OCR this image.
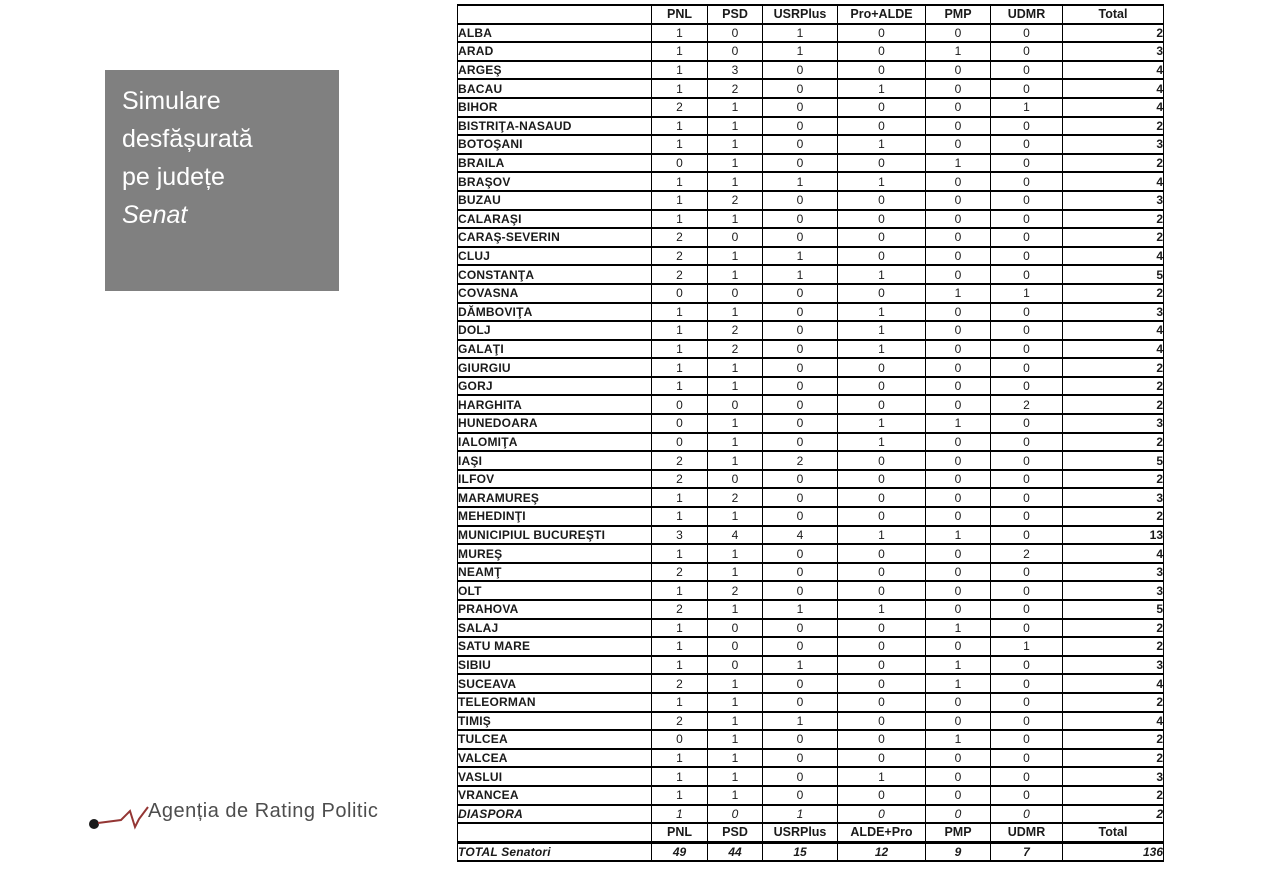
Simulare
desfășurată
pe județe
Senat
Agenția de Rating Politic
	PNL	PSD	USRPlus	Pro+ALDE	PMP	UDMR	Total
ALBA	1	0	1	0	0	0	2
ARAD	1	0	1	0	1	0	3
ARGEŞ	1	3	0	0	0	0	4
BACAU	1	2	0	1	0	0	4
BIHOR	2	1	0	0	0	1	4
BISTRIŢA-NASAUD	1	1	0	0	0	0	2
BOTOŞANI	1	1	0	1	0	0	3
BRAILA	0	1	0	0	1	0	2
BRAŞOV	1	1	1	1	0	0	4
BUZAU	1	2	0	0	0	0	3
CALARAŞI	1	1	0	0	0	0	2
CARAŞ-SEVERIN	2	0	0	0	0	0	2
CLUJ	2	1	1	0	0	0	4
CONSTANŢA	2	1	1	1	0	0	5
COVASNA	0	0	0	0	1	1	2
DĂMBOVIŢA	1	1	0	1	0	0	3
DOLJ	1	2	0	1	0	0	4
GALAŢI	1	2	0	1	0	0	4
GIURGIU	1	1	0	0	0	0	2
GORJ	1	1	0	0	0	0	2
HARGHITA	0	0	0	0	0	2	2
HUNEDOARA	0	1	0	1	1	0	3
IALOMIŢA	0	1	0	1	0	0	2
IAŞI	2	1	2	0	0	0	5
ILFOV	2	0	0	0	0	0	2
MARAMUREŞ	1	2	0	0	0	0	3
MEHEDINŢI	1	1	0	0	0	0	2
MUNICIPIUL BUCUREŞTI	3	4	4	1	1	0	13
MUREŞ	1	1	0	0	0	2	4
NEAMŢ	2	1	0	0	0	0	3
OLT	1	2	0	0	0	0	3
PRAHOVA	2	1	1	1	0	0	5
SALAJ	1	0	0	0	1	0	2
SATU MARE	1	0	0	0	0	1	2
SIBIU	1	0	1	0	1	0	3
SUCEAVA	2	1	0	0	1	0	4
TELEORMAN	1	1	0	0	0	0	2
TIMIŞ	2	1	1	0	0	0	4
TULCEA	0	1	0	0	1	0	2
VALCEA	1	1	0	0	0	0	2
VASLUI	1	1	0	1	0	0	3
VRANCEA	1	1	0	0	0	0	2
DIASPORA	1	0	1	0	0	0	2
	PNL	PSD	USRPlus	ALDE+Pro	PMP	UDMR	Total
TOTAL Senatori	49	44	15	12	9	7	136
